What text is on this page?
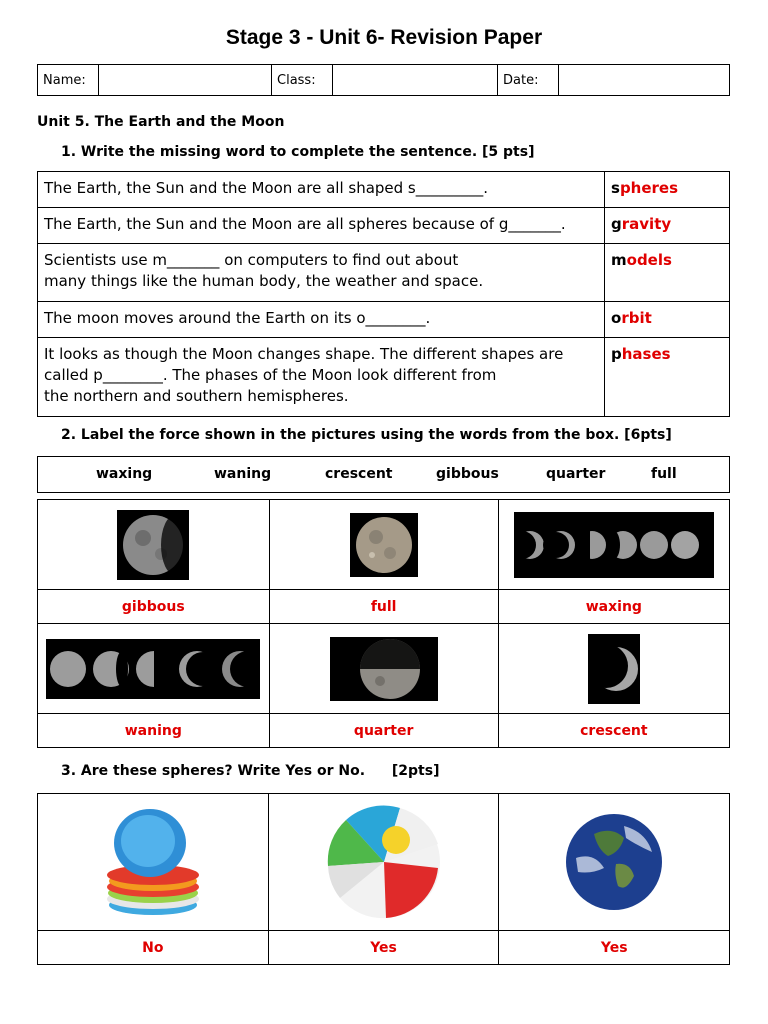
Stage 3 - Unit 6- Revision Paper
Name:		Class:		Date:	
Unit 5. The Earth and the Moon
1. Write the missing word to complete the sentence. [5 pts]
The Earth, the Sun and the Moon are all shaped s_________.	spheres

The Earth, the Sun and the Moon are all spheres because of g_______.	gravity

Scientists use m_______ on computers to find out about
many things like the human body, the weather and space.	models

The moon moves around the Earth on its o________.	orbit

It looks as though the Moon changes shape. The different shapes are
called p________. The phases of the Moon look different from
the northern and southern hemispheres.	phases
2. Label the force shown in the pictures using the words from the box. [6pts]
waxing	waning	crescent	gibbous	quarter	full

gibbous	full	waxing

waning	quarter	crescent
3. Are these spheres? Write Yes or No. [2pts]

No	Yes	Yes
